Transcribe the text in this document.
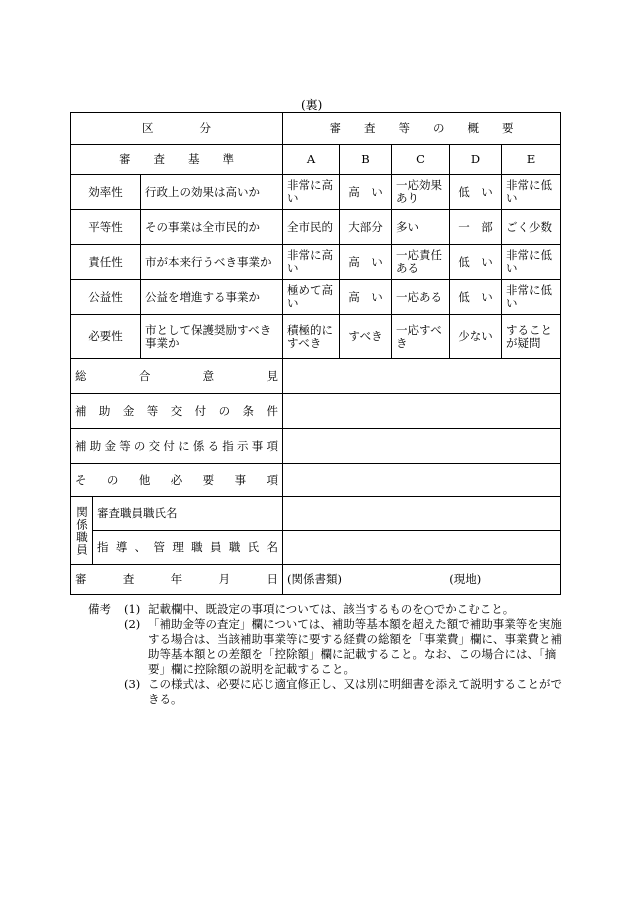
(裏)
区　　　　分			審　　査　　等　　の　　概　　要				
審　　査　　基　　準			A	B	C	D	E
効率性		行政上の効果は高いか	非常に高い	高　い	一応効果あり	低　い	非常に低い
平等性		その事業は全市民的か	全市民的	大部分	多い	一　部	ごく少数
責任性		市が本来行うべき事業か	非常に高い	高　い	一応責任ある	低　い	非常に低い
公益性		公益を増進する事業か	極めて高い	高　い	一応ある	低　い	非常に低い
必要性		市として保護奨励すべき事業か	積極的にすべき	すべき	一応すべき	少ない	することが疑問
総合意見							
補助金等交付の条件							
補助金等の交付に係る指示事項							
その他必要事項							
関係職員	審査職員職氏名						
	指導、管理職員職氏名						
審査年月日			(関係書類) (現地)				
備考	(1) 記載欄中、既設定の事項については、該当するものを○でかこむこと。
(2) 「補助金等の査定」欄については、補助等基本額を超えた額で補助事業等を実施する場合は、当該補助事業等に要する経費の総額を「事業費」欄に、事業費と補助等基本額との差額を「控除額」欄に記載すること。なお、この場合には、「摘要」欄に控除額の説明を記載すること。
(3) この様式は、必要に応じ適宜修正し、又は別に明細書を添えて説明することができる。
